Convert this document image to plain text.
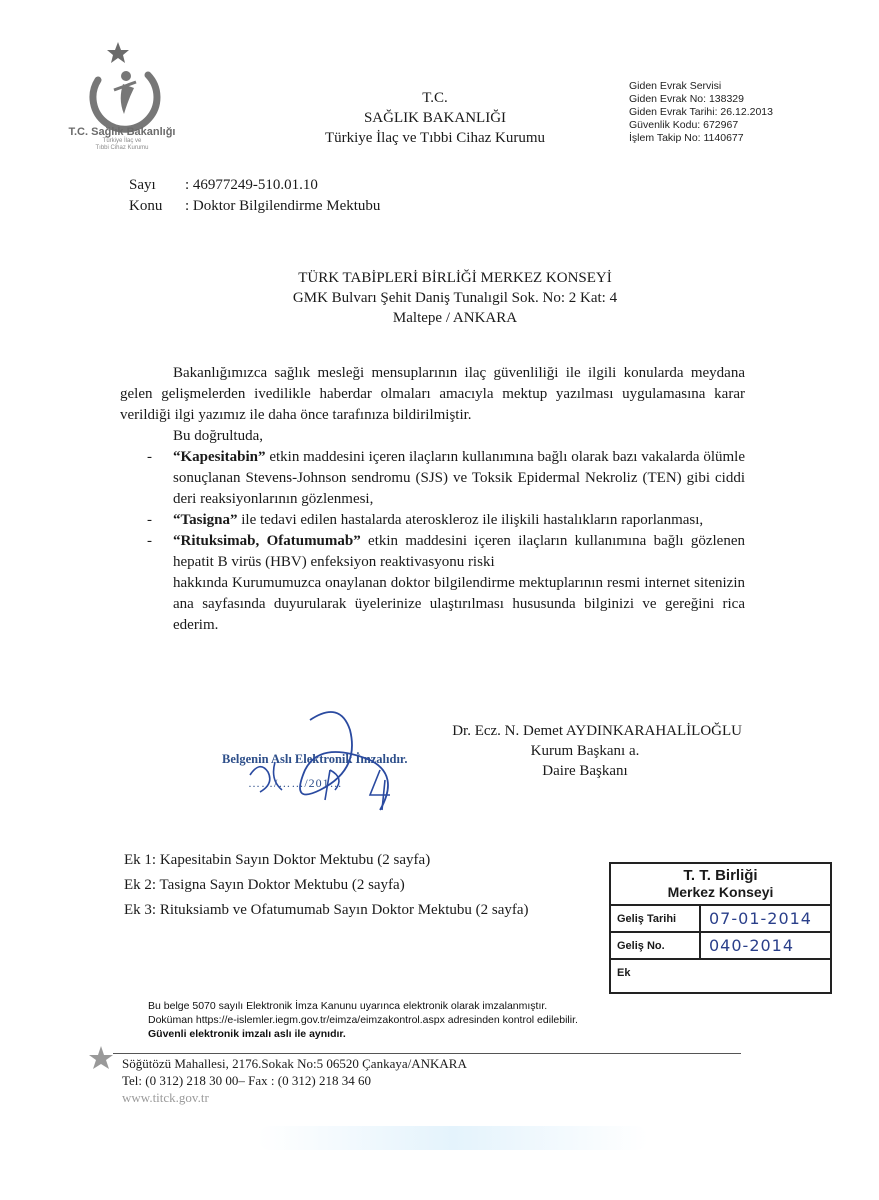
T.C. Sağlık Bakanlığı
Türkiye İlaç ve
Tıbbi Cihaz Kurumu
T.C.
SAĞLIK BAKANLIĞI
Türkiye İlaç ve Tıbbi Cihaz Kurumu
Giden Evrak Servisi
Giden Evrak No: 138329
Giden Evrak Tarihi: 26.12.2013
Güvenlik Kodu: 672967
İşlem Takip No: 1140677
Sayı : 46977249-510.01.10
Konu : Doktor Bilgilendirme Mektubu
TÜRK TABİPLERİ BİRLİĞİ MERKEZ KONSEYİ
GMK Bulvarı Şehit Daniş Tunalıgil Sok. No: 2 Kat: 4
Maltepe / ANKARA

Bakanlığımızca sağlık mesleği mensuplarının ilaç güvenliliği ile ilgili konularda meydana gelen gelişmelerden ivedilikle haberdar olmaları amacıyla mektup yazılması uygulamasına karar verildiği ilgi yazımız ile daha önce tarafınıza bildirilmiştir.

Bu doğrultuda,

- “Kapesitabin” etkin maddesini içeren ilaçların kullanımına bağlı olarak bazı vakalarda ölümle sonuçlanan Stevens-Johnson sendromu (SJS) ve Toksik Epidermal Nekroliz (TEN) gibi ciddi deri reaksiyonlarının gözlenmesi,

- “Tasigna” ile tedavi edilen hastalarda ateroskleroz ile ilişkili hastalıkların raporlanması,

- “Rituksimab, Ofatumumab” etkin maddesini içeren ilaçların kullanımına bağlı gözlenen hepatit B virüs (HBV) enfeksiyon reaktivasyonu riski

hakkında Kurumumuzca onaylanan doktor bilgilendirme mektuplarının resmi internet sitenizin ana sayfasında duyurularak üyelerinize ulaştırılması hususunda bilginizi ve gereğini rica ederim.

Dr. Ecz. N. Demet AYDINKARAHALİLOĞLU
Kurum Başkanı a.
Daire Başkanı
Belgenin Aslı Elektronik İmzalıdır.
……/……/201…
Ek 1: Kapesitabin Sayın Doktor Mektubu (2 sayfa)
Ek 2: Tasigna Sayın Doktor Mektubu (2 sayfa)
Ek 3: Rituksiamb ve Ofatumumab Sayın Doktor Mektubu (2 sayfa)
T. T. Birliği
Merkez Konseyi
Geliş Tarihi	07-01-2014
Geliş No.	040-2014
Ek
Bu belge 5070 sayılı Elektronik İmza Kanunu uyarınca elektronik olarak imzalanmıştır.
Doküman https://e-islemler.iegm.gov.tr/eimza/eimzakontrol.aspx adresinden kontrol edilebilir.
Güvenli elektronik imzalı aslı ile aynıdır.
Söğütözü Mahallesi, 2176.Sokak No:5 06520 Çankaya/ANKARA
Tel: (0 312) 218 30 00– Fax : (0 312) 218 34 60
www.titck.gov.tr
